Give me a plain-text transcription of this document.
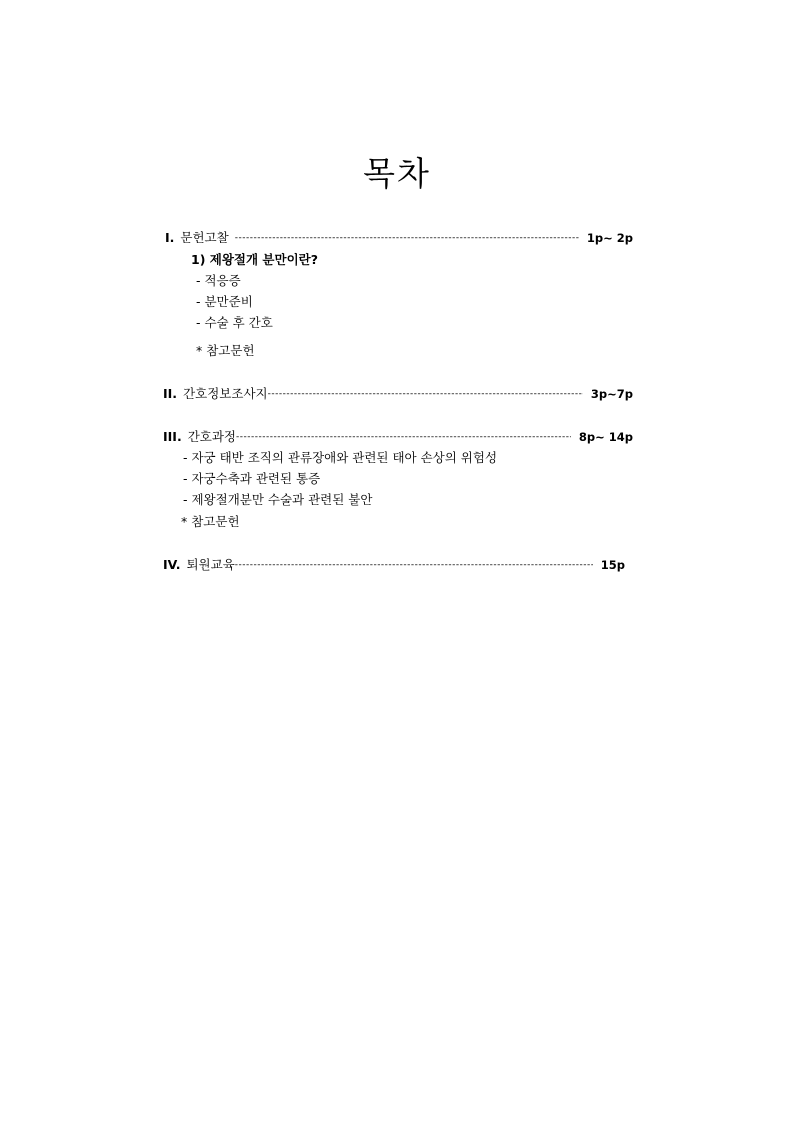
목차
Ⅰ. 문헌고찰 -----	1p~ 2p
1) 제왕절개 분만이란?
- 적응증
- 분만준비
- 수술 후 간호
* 참고문헌
II. 간호정보조사지 -----	3p~7p
III. 간호과정 -----	8p~ 14p
- 자궁 태반 조직의 관류장애와 관련된 태아 손상의 위험성
- 자궁수축과 관련된 통증
- 제왕절개분만 수술과 관련된 불안
* 참고문헌
IV. 퇴원교육 -----	15p
